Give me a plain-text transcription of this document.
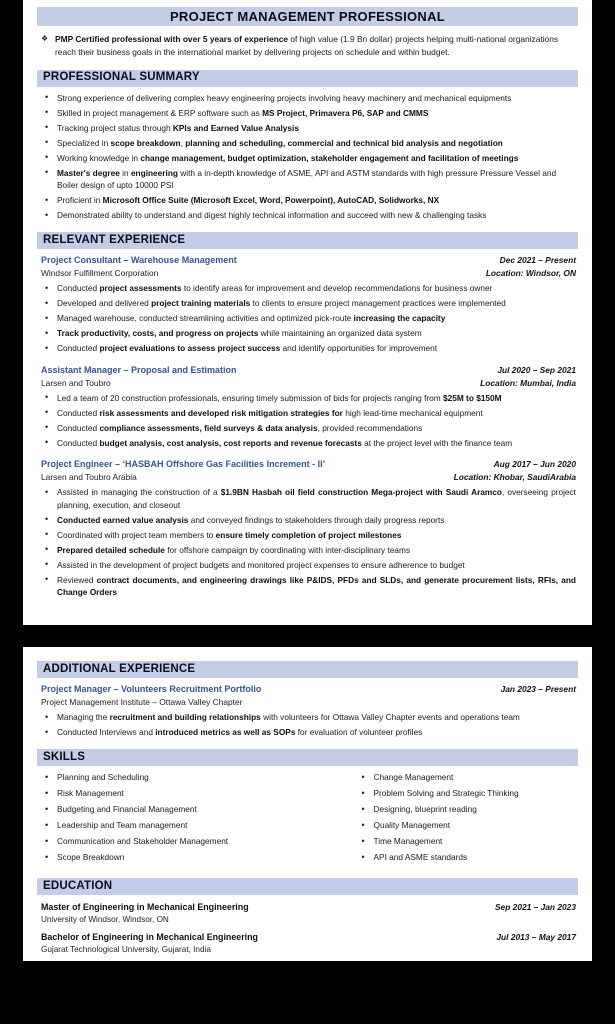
PROJECT MANAGEMENT PROFESSIONAL
❖ PMP Certified professional with over 5 years of experience of high value (1.9 Bn dollar) projects helping multi-national organizations reach their business goals in the international market by delivering projects on schedule and within budget.
PROFESSIONAL SUMMARY
• Strong experience of delivering complex heavy engineering projects involving heavy machinery and mechanical equipments
• Skilled in project management & ERP software such as MS Project, Primavera P6, SAP and CMMS
• Tracking project status through KPIs and Earned Value Analysis
• Specialized in scope breakdown, planning and scheduling, commercial and technical bid analysis and negotiation
• Working knowledge in change management, budget optimization, stakeholder engagement and facilitation of meetings
• Master's degree in engineering with a in-depth knowledge of ASME, API and ASTM standards with high pressure Pressure Vessel and Boiler design of upto 10000 PSI
• Proficient in Microsoft Office Suite (Microsoft Excel, Word, Powerpoint), AutoCAD, Solidworks, NX
• Demonstrated ability to understand and digest highly technical information and succeed with new & challenging tasks
RELEVANT EXPERIENCE
Project Consultant – Warehouse Management	Dec 2021 – Present
Windsor Fulfillment Corporation	Location: Windsor, ON
• Conducted project assessments to identify areas for improvement and develop recommendations for business owner
• Developed and delivered project training materials to clients to ensure project management practices were implemented
• Managed warehouse, conducted streamlining activities and optimized pick-route increasing the capacity
• Track productivity, costs, and progress on projects while maintaining an organized data system
• Conducted project evaluations to assess project success and identify opportunities for improvement
Assistant Manager – Proposal and Estimation	Jul 2020 – Sep 2021
Larsen and Toubro	Location: Mumbai, India
• Led a team of 20 construction professionals, ensuring timely submission of bids for projects ranging from $25M to $150M
• Conducted risk assessments and developed risk mitigation strategies for high lead-time mechanical equipment
• Conducted compliance assessments, field surveys & data analysis, provided recommendations
• Conducted budget analysis, cost analysis, cost reports and revenue forecasts at the project level with the finance team
Project Engineer – ‘HASBAH Offshore Gas Facilities Increment - II’	Aug 2017 – Jun 2020
Larsen and Toubro Arabia	Location: Khobar, SaudiArabia
• Assisted in managing the construction of a $1.9BN Hasbah oil field construction Mega-project with Saudi Aramco, overseeing project planning, execution, and closeout
• Conducted earned value analysis and conveyed findings to stakeholders through daily progress reports
• Coordinated with project team members to ensure timely completion of project milestones
• Prepared detailed schedule for offshore campaign by coordinating with inter-disciplinary teams
• Assisted in the development of project budgets and monitored project expenses to ensure adherence to budget
• Reviewed contract documents, and engineering drawings like P&IDS, PFDs and SLDs, and generate procurement lists, RFIs, and Change Orders
ADDITIONAL EXPERIENCE
Project Manager – Volunteers Recruitment Portfolio	Jan 2023 – Present
Project Management Institute – Ottawa Valley Chapter
• Managing the recruitment and building relationships with volunteers for Ottawa Valley Chapter events and operations team
• Conducted Interviews and introduced metrics as well as SOPs for evaluation of volunteer profiles
SKILLS
• Planning and Scheduling
• Risk Management
• Budgeting and Financial Management
• Leadership and Team management
• Communication and Stakeholder Management
• Scope Breakdown
• Change Management
• Problem Solving and Strategic Thinking
• Designing, blueprint reading
• Quality Management
• Time Management
• API and ASME standards
EDUCATION
Master of Engineering in Mechanical Engineering	Sep 2021 – Jan 2023
University of Windsor, Windsor, ON
Bachelor of Engineering in Mechanical Engineering	Jul 2013 – May 2017
Gujarat Technological University, Gujarat, India
